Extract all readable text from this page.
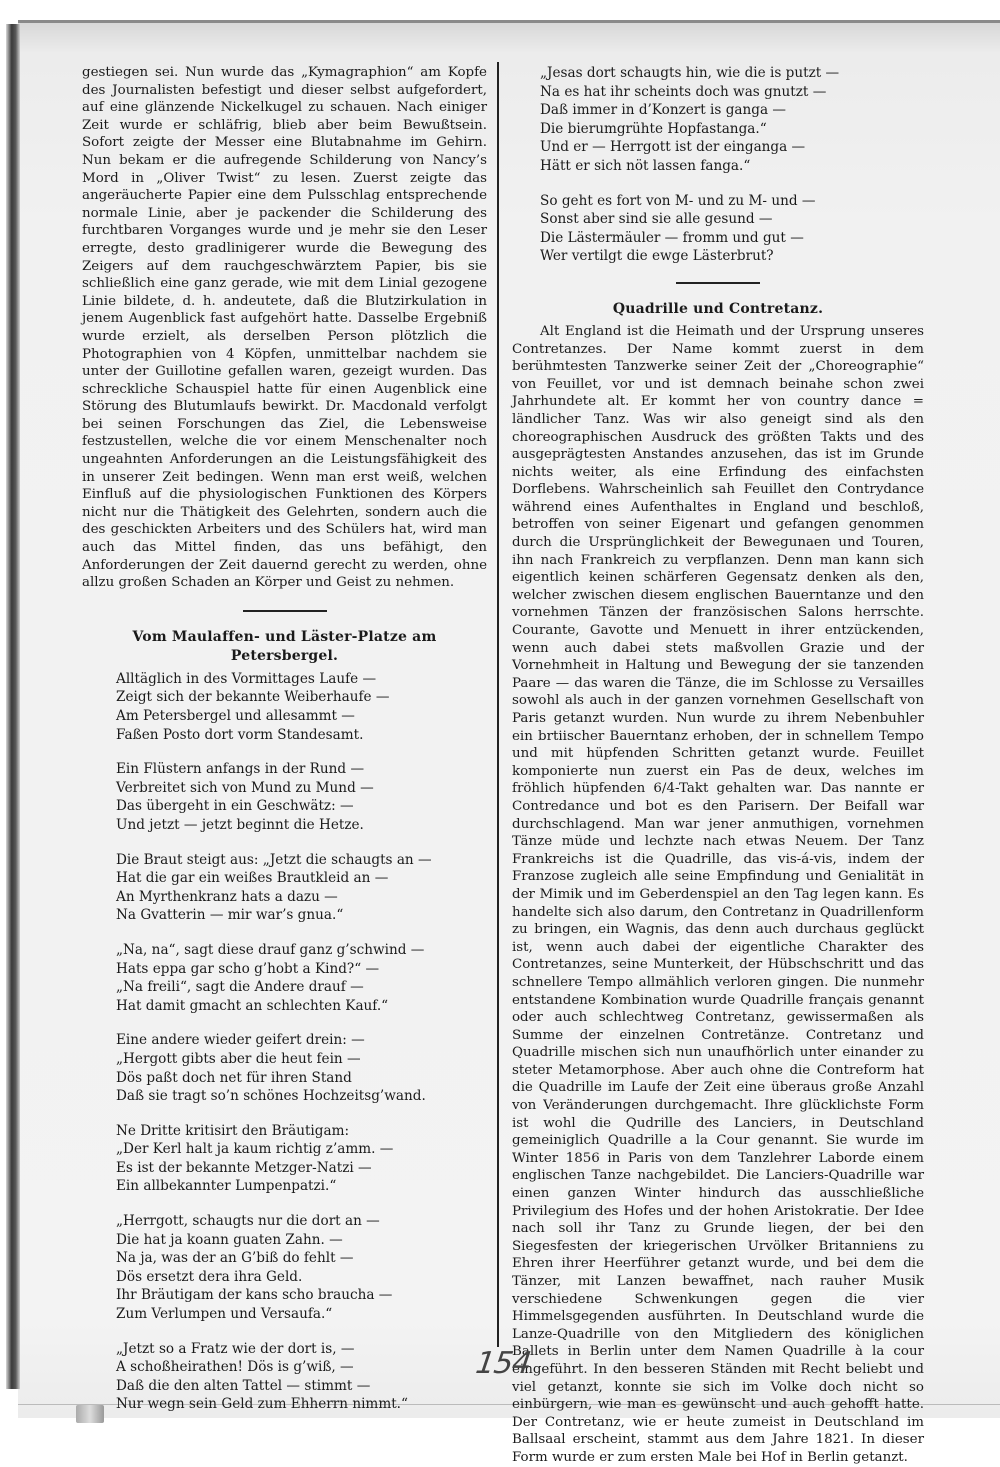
gestiegen sei. Nun wurde das „Kymagraphion“ am Kopfe des Journalisten befestigt und dieser selbst aufgefordert, auf eine glänzende Nickelkugel zu schauen. Nach einiger Zeit wurde er schläfrig, blieb aber beim Bewußtsein. Sofort zeigte der Messer eine Blutabnahme im Gehirn. Nun bekam er die aufregende Schilderung von Nancy’s Mord in „Oliver Twist“ zu lesen. Zuerst zeigte das angeräucherte Papier eine dem Pulsschlag entsprechende normale Linie, aber je packender die Schilderung des furchtbaren Vorganges wurde und je mehr sie den Leser erregte, desto gradlinigerer wurde die Bewegung des Zeigers auf dem rauchgeschwärztem Papier, bis sie schließlich eine ganz gerade, wie mit dem Linial gezogene Linie bildete, d. h. andeutete, daß die Blutzirkulation in jenem Augenblick fast aufgehört hatte. Dasselbe Ergebniß wurde erzielt, als derselben Person plötzlich die Photographien von 4 Köpfen, unmittelbar nachdem sie unter der Guillotine gefallen waren, gezeigt wurden. Das schreckliche Schauspiel hatte für einen Augenblick eine Störung des Blutumlaufs bewirkt. Dr. Macdonald verfolgt bei seinen Forschungen das Ziel, die Lebensweise festzustellen, welche die vor einem Menschenalter noch ungeahnten Anforderungen an die Leistungsfähigkeit des in unserer Zeit bedingen. Wenn man erst weiß, welchen Einfluß auf die physiologischen Funktionen des Körpers nicht nur die Thätigkeit des Gelehrten, sondern auch die des geschickten Arbeiters und des Schülers hat, wird man auch das Mittel finden, das uns befähigt, den Anforderungen der Zeit dauernd gerecht zu werden, ohne allzu großen Schaden an Körper und Geist zu nehmen.

Vom Maulaffen- und Läster-Platze am Petersbergel.
Alltäglich in des Vormittages Laufe —
Zeigt sich der bekannte Weiberhaufe —
Am Petersbergel und allesammt —
Faßen Posto dort vorm Standesamt.
Ein Flüstern anfangs in der Rund —
Verbreitet sich von Mund zu Mund —
Das übergeht in ein Geschwätz: —
Und jetzt — jetzt beginnt die Hetze.
Die Braut steigt aus: „Jetzt die schaugts an —
Hat die gar ein weißes Brautkleid an —
An Myrthenkranz hats a dazu —
Na Gvatterin — mir war’s gnua.“
„Na, na“, sagt diese drauf ganz g’schwind —
Hats eppa gar scho g’hobt a Kind?“ —
„Na freili“, sagt die Andere drauf —
Hat damit gmacht an schlechten Kauf.“
Eine andere wieder geifert drein: —
„Hergott gibts aber die heut fein —
Dös paßt doch net für ihren Stand
Daß sie tragt so’n schönes Hochzeitsg’wand.
Ne Dritte kritisirt den Bräutigam:
„Der Kerl halt ja kaum richtig z’amm. —
Es ist der bekannte Metzger-Natzi —
Ein allbekannter Lumpenpatzi.“
„Herrgott, schaugts nur die dort an —
Die hat ja koann guaten Zahn. —
Na ja, was der an G’biß do fehlt —
Dös ersetzt dera ihra Geld.
Ihr Bräutigam der kans scho braucha —
Zum Verlumpen und Versaufa.“
„Jetzt so a Fratz wie der dort is, —
A schoßheirathen! Dös is g’wiß, —
Daß die den alten Tattel — stimmt —
Nur wegn sein Geld zum Ehherrn nimmt.“
„Jesas dort schaugts hin, wie die is putzt —
Na es hat ihr scheints doch was gnutzt —
Daß immer in d’Konzert is ganga —
Die bierumgrühte Hopfastanga.“
Und er — Herrgott ist der einganga —
Hätt er sich nöt lassen fanga.“
So geht es fort von M- und zu M- und —
Sonst aber sind sie alle gesund —
Die Lästermäuler — fromm und gut —
Wer vertilgt die ewge Lästerbrut?
Quadrille und Contretanz.

Alt England ist die Heimath und der Ursprung unseres Contretanzes. Der Name kommt zuerst in dem berühmtesten Tanzwerke seiner Zeit der „Choreographie“ von Feuillet, vor und ist demnach beinahe schon zwei Jahrhundete alt. Er kommt her von country dance = ländlicher Tanz. Was wir also geneigt sind als den choreographischen Ausdruck des größten Takts und des ausgeprägtesten Anstandes anzusehen, das ist im Grunde nichts weiter, als eine Erfindung des einfachsten Dorflebens. Wahrscheinlich sah Feuillet den Contrydance während eines Aufenthaltes in England und beschloß, betroffen von seiner Eigenart und gefangen genommen durch die Ursprünglichkeit der Bewegunaen und Touren, ihn nach Frankreich zu verpflanzen. Denn man kann sich eigentlich keinen schärferen Gegensatz denken als den, welcher zwischen diesem englischen Bauerntanze und den vornehmen Tänzen der französischen Salons herrschte. Courante, Gavotte und Menuett in ihrer entzückenden, wenn auch dabei stets maßvollen Grazie und der Vornehmheit in Haltung und Bewegung der sie tanzenden Paare — das waren die Tänze, die im Schlosse zu Versailles sowohl als auch in der ganzen vornehmen Gesellschaft von Paris getanzt wurden. Nun wurde zu ihrem Nebenbuhler ein brtiischer Bauerntanz erhoben, der in schnellem Tempo und mit hüpfenden Schritten getanzt wurde. Feuillet komponierte nun zuerst ein Pas de deux, welches im fröhlich hüpfenden 6/4-Takt gehalten war. Das nannte er Contredance und bot es den Parisern. Der Beifall war durchschlagend. Man war jener anmuthigen, vornehmen Tänze müde und lechzte nach etwas Neuem. Der Tanz Frankreichs ist die Quadrille, das vis-á-vis, indem der Franzose zugleich alle seine Empfindung und Genialität in der Mimik und im Geberdenspiel an den Tag legen kann. Es handelte sich also darum, den Contretanz in Quadrillenform zu bringen, ein Wagnis, das denn auch durchaus geglückt ist, wenn auch dabei der eigentliche Charakter des Contretanzes, seine Munterkeit, der Hübschschritt und das schnellere Tempo allmählich verloren gingen. Die nunmehr entstandene Kombination wurde Quadrille français genannt oder auch schlechtweg Contretanz, gewissermaßen als Summe der einzelnen Contretänze. Contretanz und Quadrille mischen sich nun unaufhörlich unter einander zu steter Metamorphose. Aber auch ohne die Contreform hat die Quadrille im Laufe der Zeit eine überaus große Anzahl von Veränderungen durchgemacht. Ihre glücklichste Form ist wohl die Qudrille des Lanciers, in Deutschland gemeiniglich Quadrille a la Cour genannt. Sie wurde im Winter 1856 in Paris von dem Tanzlehrer Laborde einem englischen Tanze nachgebildet. Die Lanciers-Quadrille war einen ganzen Winter hindurch das ausschließliche Privilegium des Hofes und der hohen Aristokratie. Der Idee nach soll ihr Tanz zu Grunde liegen, der bei den Siegesfesten der kriegerischen Urvölker Britanniens zu Ehren ihrer Heerführer getanzt wurde, und bei dem die Tänzer, mit Lanzen bewaffnet, nach rauher Musik verschiedene Schwenkungen gegen die vier Himmelsgegenden ausführten. In Deutschland wurde die Lanze-Quadrille von den Mitgliedern des königlichen Ballets in Berlin unter dem Namen Quadrille à la cour eingeführt. In den besseren Ständen mit Recht beliebt und viel getanzt, konnte sie sich im Volke doch nicht so einbürgern, wie man es gewünscht und auch gehofft hatte. Der Contretanz, wie er heute zumeist in Deutschland im Ballsaal erscheint, stammt aus dem Jahre 1821. In dieser Form wurde er zum ersten Male bei Hof in Berlin getanzt.

154
